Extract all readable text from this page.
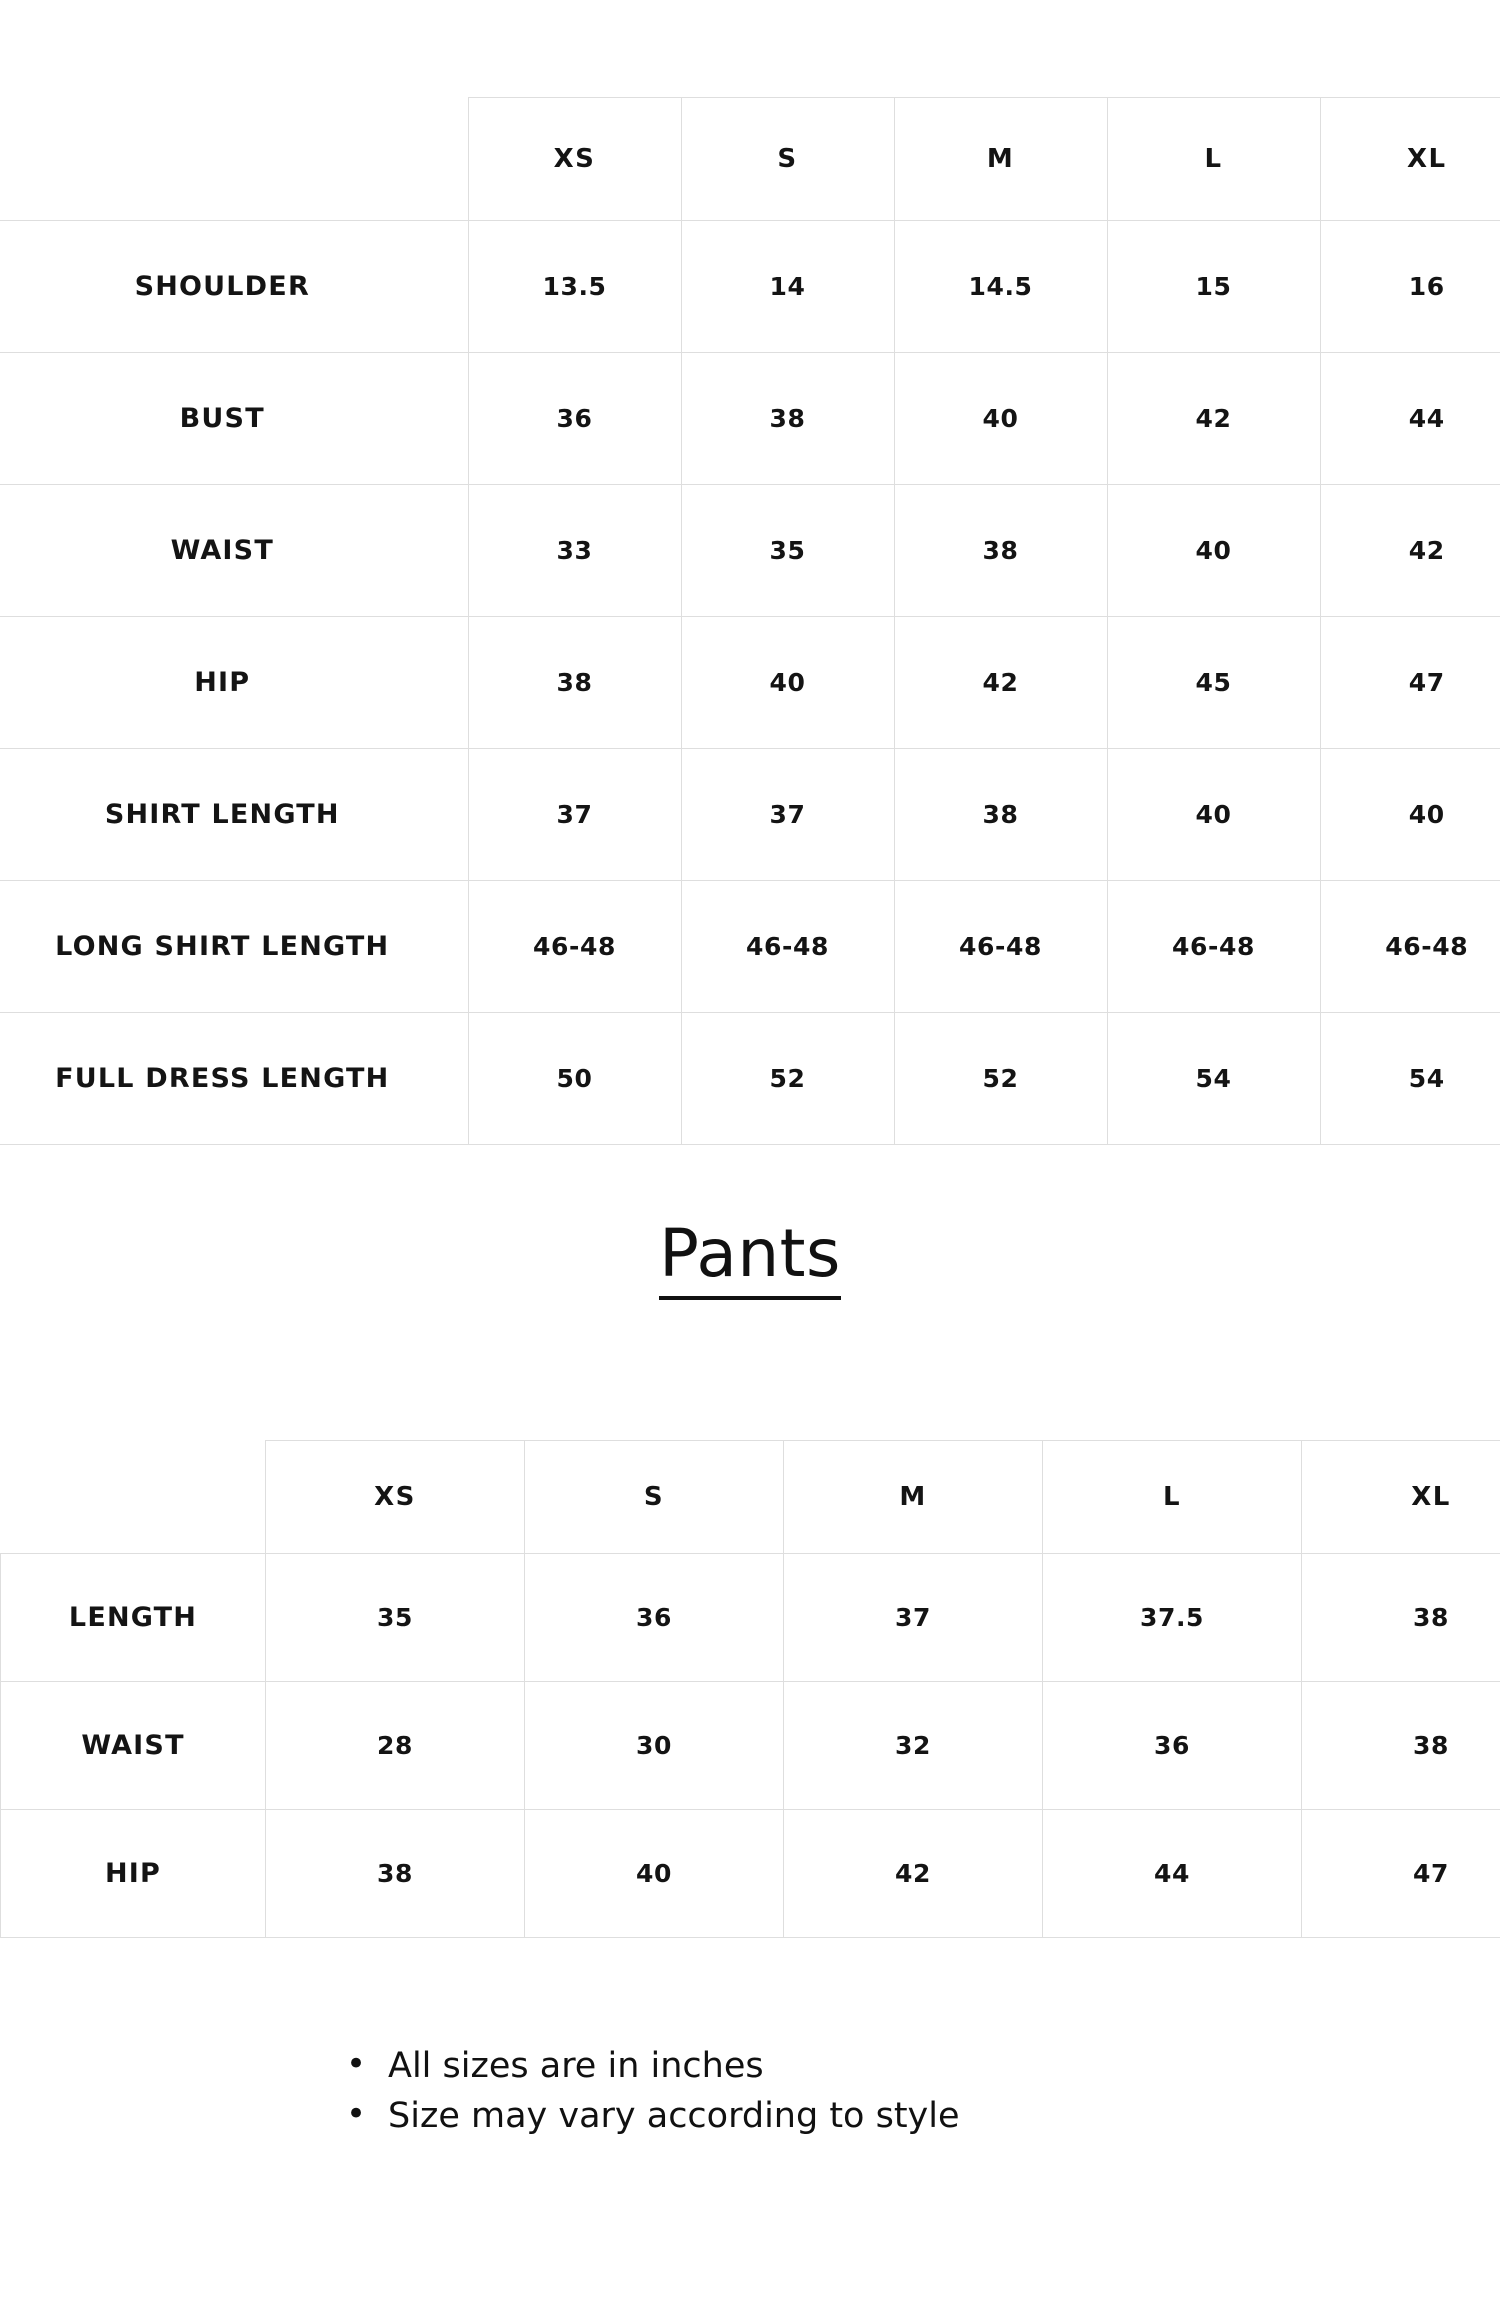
	XS	S	M	L	XL
SHOULDER	13.5	14	14.5	15	16
BUST	36	38	40	42	44
WAIST	33	35	38	40	42
HIP	38	40	42	45	47
SHIRT LENGTH	37	37	38	40	40
LONG SHIRT LENGTH	46-48	46-48	46-48	46-48	46-48
FULL DRESS LENGTH	50	52	52	54	54
Pants
	XS	S	M	L	XL
LENGTH	35	36	37	37.5	38
WAIST	28	30	32	36	38
HIP	38	40	42	44	47
• All sizes are in inches
• Size may vary according to style
